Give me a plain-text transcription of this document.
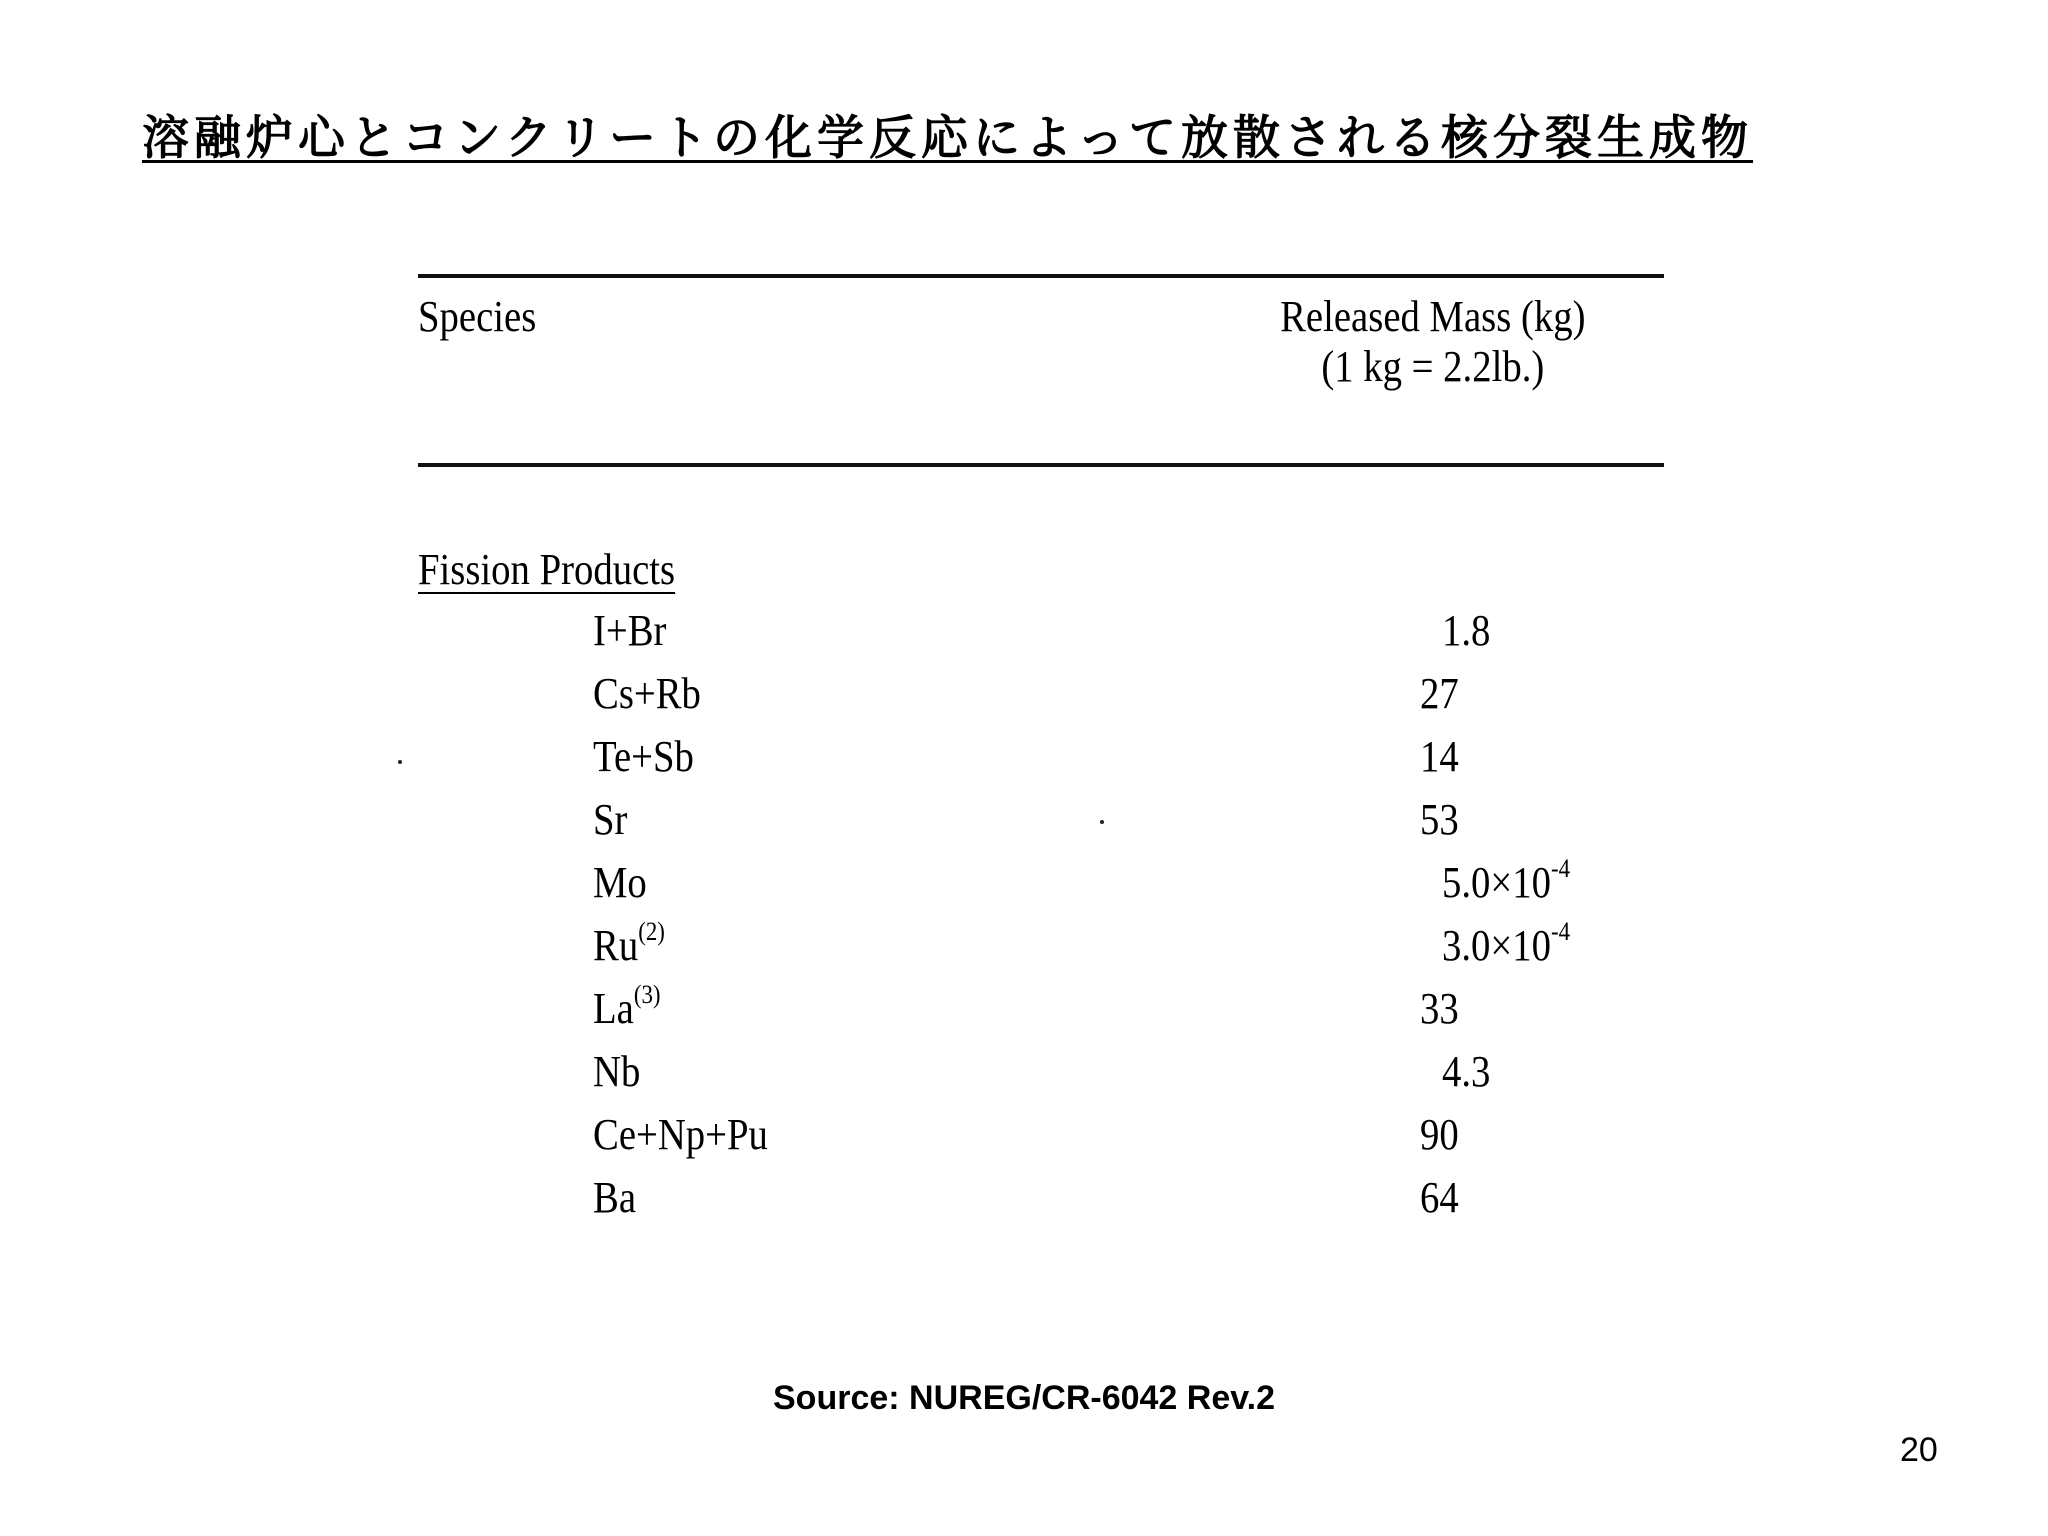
溶融炉心とコンクリートの化学反応によって放散される核分裂生成物
Species	Released Mass (kg)
(1 kg = 2.2lb.)
Fission Products
I+Br	1.8
Cs+Rb	27
Te+Sb	14
Sr	53
Mo	$5.0\times 10^{-4}$
Ru$^{(2)}$	$3.0\times 10^{-4}$
La$^{(3)}$	33
Nb	4.3
Ce+Np+Pu	90
Ba	64
Source: NUREG/CR-6042 Rev.2
20
